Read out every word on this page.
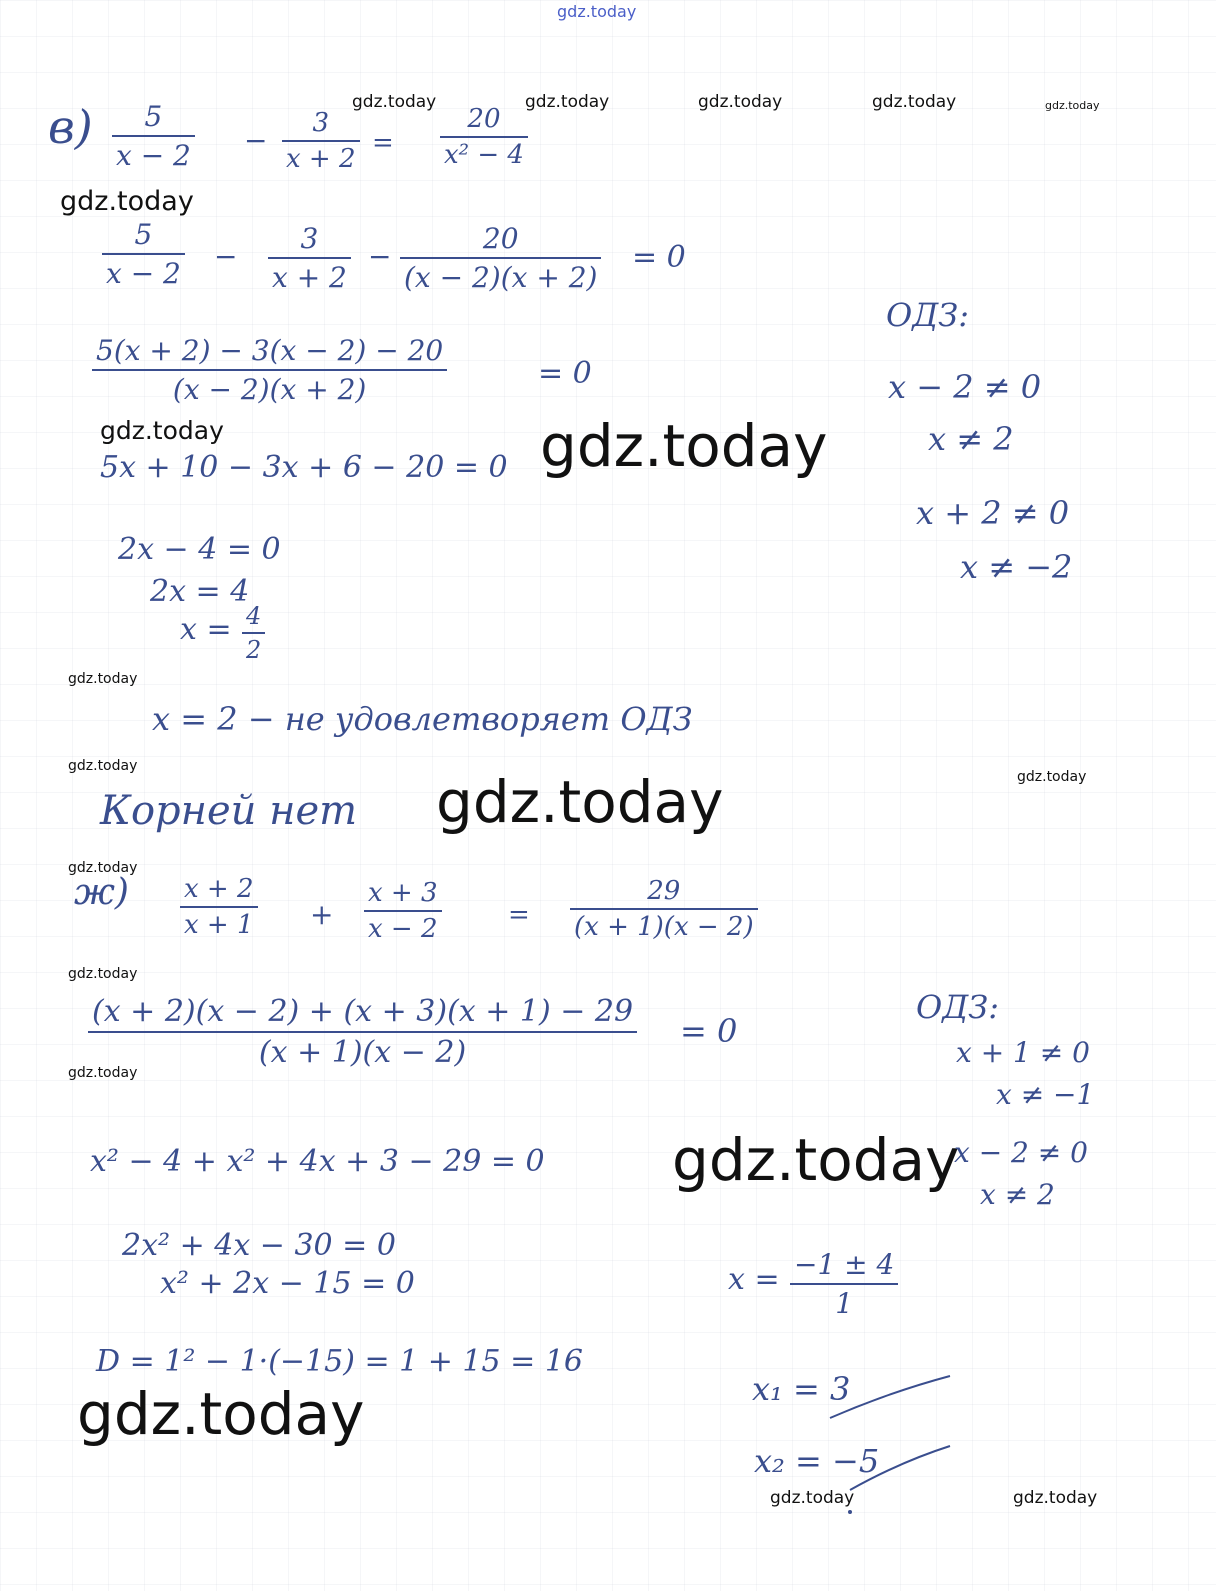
gdz.today
gdz.today	gdz.today	gdz.today	gdz.today	gdz.today
gdz.today
gdz.today	gdz.today
gdz.today
gdz.today
gdz.today
gdz.today
gdz.today
gdz.today
gdz.today
gdz.today
gdz.today
gdz.today	gdz.today
в) 5
x − 2 −
3
x + 2
=
20
x² − 4
5
x − 2
−
3
x + 2
−
20
(x − 2)(x + 2)
= 0
5(x + 2) − 3(x − 2) − 20
(x − 2)(x + 2)	= 0
5x + 10 − 3x + 6 − 20 = 0
2x − 4 = 0
2x = 4
x = 4
2
x = 2 − не удовлетворяет ОДЗ
Корней нет
ОДЗ:
x − 2 ≠ 0
x ≠ 2
x + 2 ≠ 0
x ≠ −2
ж) x + 2
x + 1 +
x + 3
x − 2	=
29
(x + 1)(x − 2)
(x + 2)(x − 2) + (x + 3)(x + 1) − 29
(x + 1)(x − 2)
= 0
x² − 4 + x² + 4x + 3 − 29 = 0
2x² + 4x − 30 = 0
x² + 2x − 15 = 0
D = 1² − 1·(−15) = 1 + 15 = 16
ОДЗ:
x + 1 ≠ 0
x ≠ −1
x − 2 ≠ 0
x ≠ 2
x = −1 ± 4
1
x₁ = 3
x₂ = −5
